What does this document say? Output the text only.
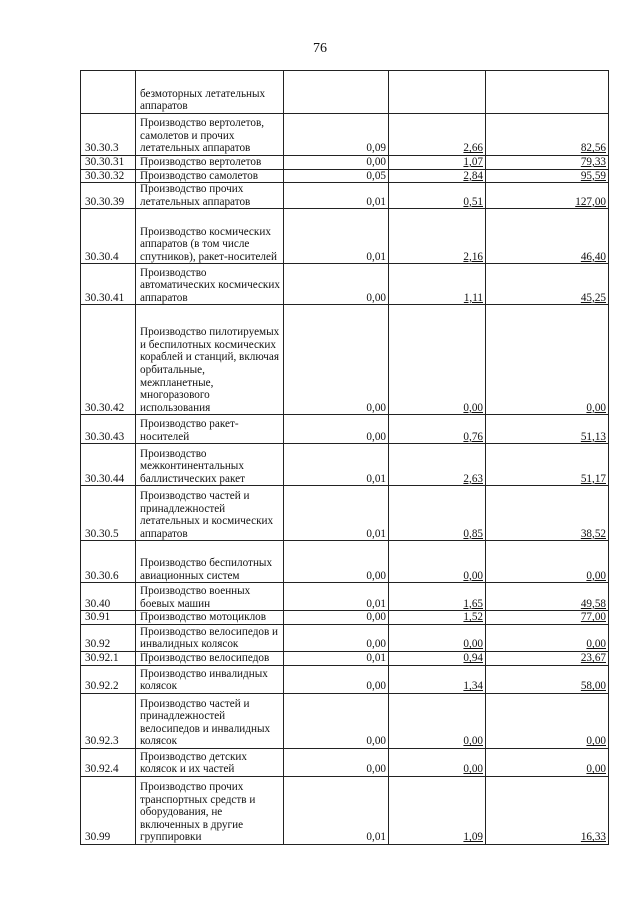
76
	безмоторных летательных аппаратов			
30.30.3	Производство вертолетов, самолетов и прочих летательных аппаратов	0,09	2,66	82,56
30.30.31	Производство вертолетов	0,00	1,07	79,33
30.30.32	Производство самолетов	0,05	2,84	95,59
30.30.39	Производство прочих летательных аппаратов	0,01	0,51	127,00
30.30.4	Производство космических аппаратов (в том числе спутников), ракет-носителей	0,01	2,16	46,40
30.30.41	Производство автоматических космических аппаратов	0,00	1,11	45,25
30.30.42	Производство пилотируемых и беспилотных космических кораблей и станций, включая орбитальные, межпланетные, многоразового использования	0,00	0,00	0,00
30.30.43	Производство ракет-носителей	0,00	0,76	51,13
30.30.44	Производство межконтинентальных баллистических ракет	0,01	2,63	51,17
30.30.5	Производство частей и принадлежностей летательных и космических аппаратов	0,01	0,85	38,52
30.30.6	Производство беспилотных авиационных систем	0,00	0,00	0,00
30.40	Производство военных боевых машин	0,01	1,65	49,58
30.91	Производство мотоциклов	0,00	1,52	77,00
30.92	Производство велосипедов и инвалидных колясок	0,00	0,00	0,00
30.92.1	Производство велосипедов	0,01	0,94	23,67
30.92.2	Производство инвалидных колясок	0,00	1,34	58,00
30.92.3	Производство частей и принадлежностей велосипедов и инвалидных колясок	0,00	0,00	0,00
30.92.4	Производство детских колясок и их частей	0,00	0,00	0,00
30.99	Производство прочих транспортных средств и оборудования, не включенных в другие группировки	0,01	1,09	16,33
